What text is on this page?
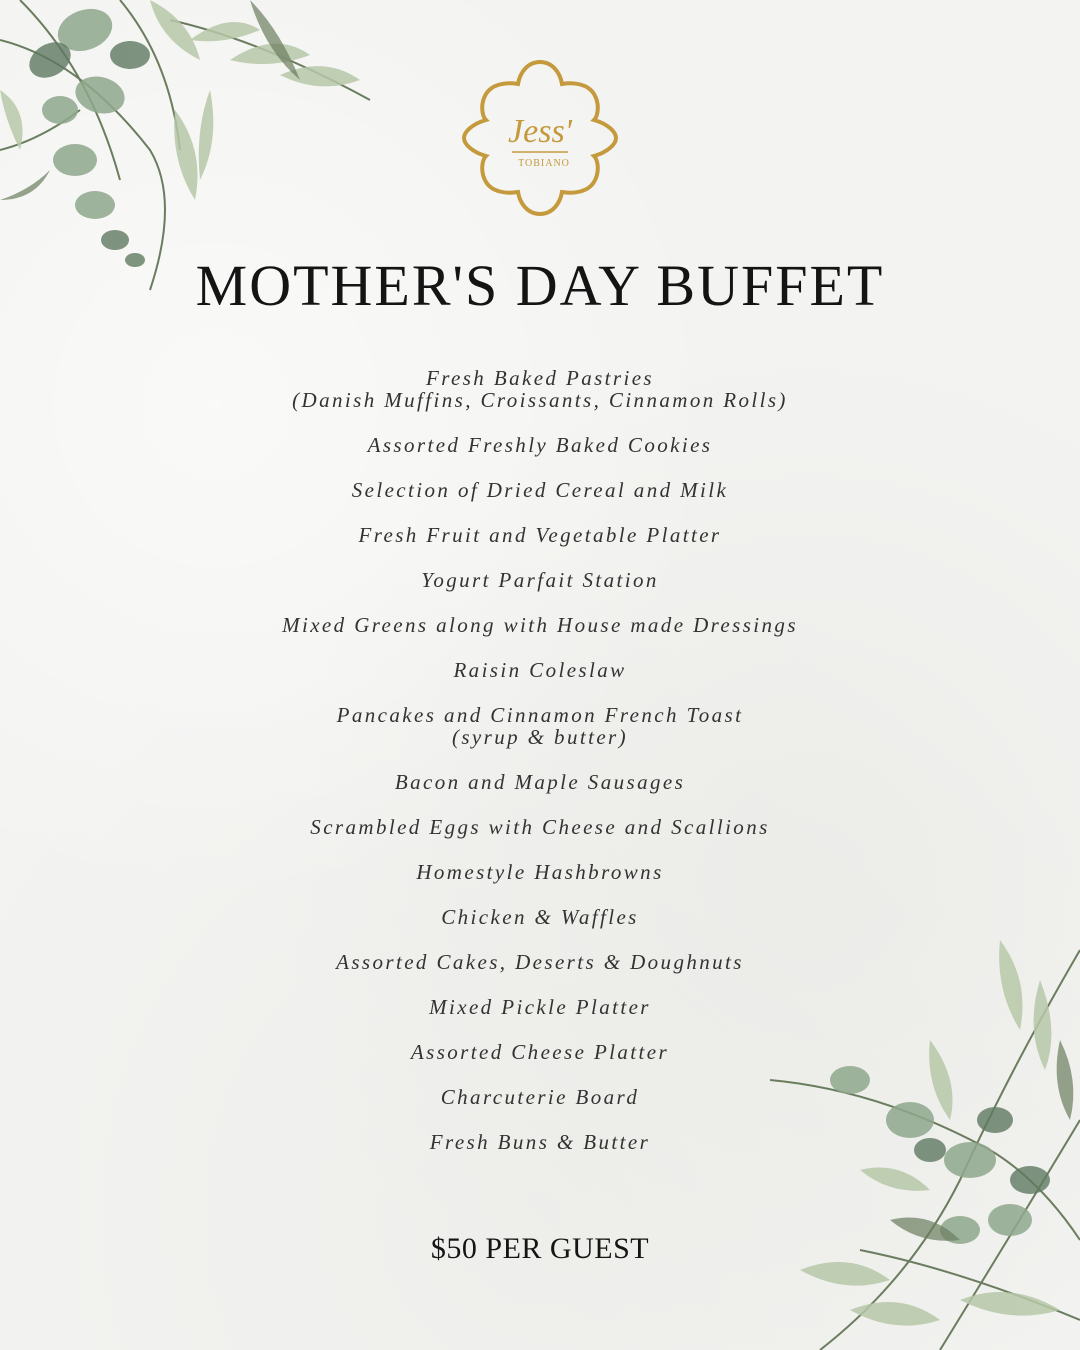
Jess'
TOBIANO
MOTHER'S DAY BUFFET
Fresh Baked Pastries
(Danish Muffins, Croissants, Cinnamon Rolls)
Assorted Freshly Baked Cookies
Selection of Dried Cereal and Milk
Fresh Fruit and Vegetable Platter
Yogurt Parfait Station
Mixed Greens along with House made Dressings
Raisin Coleslaw
Pancakes and Cinnamon French Toast
(syrup & butter)
Bacon and Maple Sausages
Scrambled Eggs with Cheese and Scallions
Homestyle Hashbrowns
Chicken & Waffles
Assorted Cakes, Deserts & Doughnuts
Mixed Pickle Platter
Assorted Cheese Platter
Charcuterie Board
Fresh Buns & Butter

$50 PER GUEST
